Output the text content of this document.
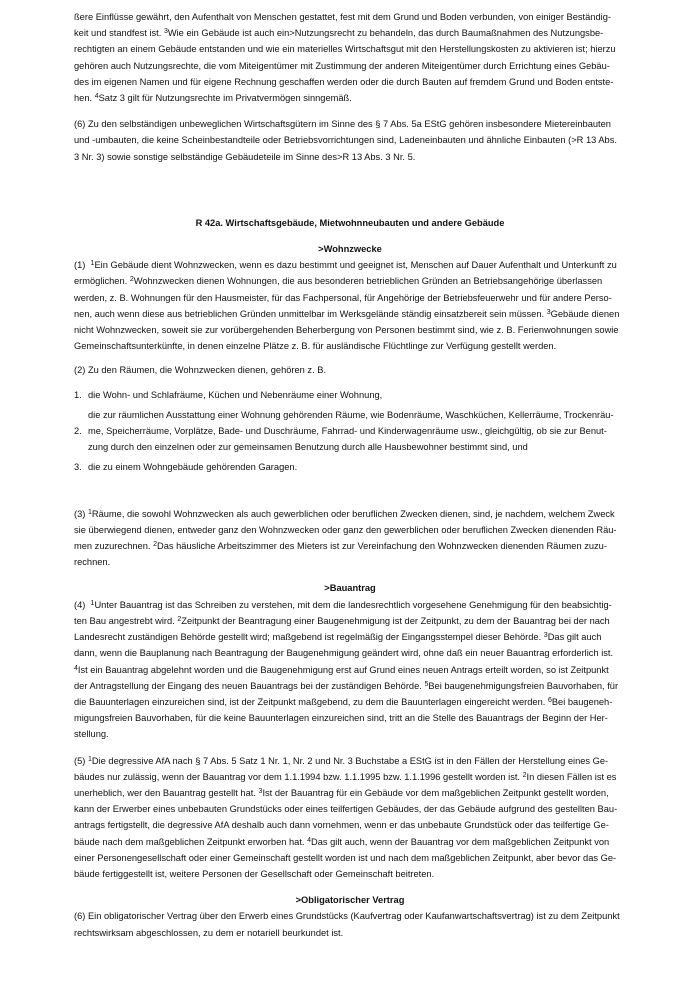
ßere Einflüsse gewährt, den Aufenthalt von Menschen gestattet, fest mit dem Grund und Boden verbunden, von einiger Beständig-
keit und standfest ist. $^3$Wie ein Gebäude ist auch ein>Nutzungsrecht zu behandeln, das durch Baumaßnahmen des Nutzungsbe-
rechtigten an einem Gebäude entstanden und wie ein materielles Wirtschaftsgut mit den Herstellungskosten zu aktivieren ist; hierzu
gehören auch Nutzungsrechte, die vom Miteigentümer mit Zustimmung der anderen Miteigentümer durch Errichtung eines Gebäu-
des im eigenen Namen und für eigene Rechnung geschaffen werden oder die durch Bauten auf fremdem Grund und Boden entste-
hen. $^4$Satz 3 gilt für Nutzungsrechte im Privatvermögen sinngemäß.
(6) Zu den selbständigen unbeweglichen Wirtschaftsgütern im Sinne des § 7 Abs. 5a EStG gehören insbesondere Mietereinbauten
und -umbauten, die keine Scheinbestandteile oder Betriebsvorrichtungen sind, Ladeneinbauten und ähnliche Einbauten (>R 13 Abs.
3 Nr. 3) sowie sonstige selbständige Gebäudeteile im Sinne des>R 13 Abs. 3 Nr. 5.

R 42a. Wirtschaftsgebäude, Mietwohnneubauten und andere Gebäude

>Wohnzwecke

(1) $^1$Ein Gebäude dient Wohnzwecken, wenn es dazu bestimmt und geeignet ist, Menschen auf Dauer Aufenthalt und Unterkunft zu
ermöglichen. $^2$Wohnzwecken dienen Wohnungen, die aus besonderen betrieblichen Gründen an Betriebsangehörige überlassen
werden, z. B. Wohnungen für den Hausmeister, für das Fachpersonal, für Angehörige der Betriebsfeuerwehr und für andere Perso-
nen, auch wenn diese aus betrieblichen Gründen unmittelbar im Werksgelände ständig einsatzbereit sein müssen. $^3$Gebäude dienen
nicht Wohnzwecken, soweit sie zur vorübergehenden Beherbergung von Personen bestimmt sind, wie z. B. Ferienwohnungen sowie
Gemeinschaftsunterkünfte, in denen einzelne Plätze z. B. für ausländische Flüchtlinge zur Verfügung gestellt werden.

(2) Zu den Räumen, die Wohnzwecken dienen, gehören z. B.

1. die Wohn- und Schlafräume, Küchen und Nebenräume einer Wohnung,
2.
die zur räumlichen Ausstattung einer Wohnung gehörenden Räume, wie Bodenräume, Waschküchen, Kellerräume, Trockenräu-
me, Speicherräume, Vorplätze, Bade- und Duschräume, Fahrrad- und Kinderwagenräume usw., gleichgültig, ob sie zur Benut-
zung durch den einzelnen oder zur gemeinsamen Benutzung durch alle Hausbewohner bestimmt sind, und
3. die zu einem Wohngebäude gehörenden Garagen.
(3) $^1$Räume, die sowohl Wohnzwecken als auch gewerblichen oder beruflichen Zwecken dienen, sind, je nachdem, welchem Zweck
sie überwiegend dienen, entweder ganz den Wohnzwecken oder ganz den gewerblichen oder beruflichen Zwecken dienenden Räu-
men zuzurechnen. $^2$Das häusliche Arbeitszimmer des Mieters ist zur Vereinfachung den Wohnzwecken dienenden Räumen zuzu-
rechnen.

>Bauantrag

(4) $^1$Unter Bauantrag ist das Schreiben zu verstehen, mit dem die landesrechtlich vorgesehene Genehmigung für den beabsichtig-
ten Bau angestrebt wird. $^2$Zeitpunkt der Beantragung einer Baugenehmigung ist der Zeitpunkt, zu dem der Bauantrag bei der nach
Landesrecht zuständigen Behörde gestellt wird; maßgebend ist regelmäßig der Eingangsstempel dieser Behörde. $^3$Das gilt auch
dann, wenn die Bauplanung nach Beantragung der Baugenehmigung geändert wird, ohne daß ein neuer Bauantrag erforderlich ist.
$^4$Ist ein Bauantrag abgelehnt worden und die Baugenehmigung erst auf Grund eines neuen Antrags erteilt worden, so ist Zeitpunkt
der Antragstellung der Eingang des neuen Bauantrags bei der zuständigen Behörde. $^5$Bei baugenehmigungsfreien Bauvorhaben, für
die Bauunterlagen einzureichen sind, ist der Zeitpunkt maßgebend, zu dem die Bauunterlagen eingereicht werden. $^6$Bei baugeneh-
migungsfreien Bauvorhaben, für die keine Bauunterlagen einzureichen sind, tritt an die Stelle des Bauantrags der Beginn der Her-
stellung.
(5) $^1$Die degressive AfA nach § 7 Abs. 5 Satz 1 Nr. 1, Nr. 2 und Nr. 3 Buchstabe a EStG ist in den Fällen der Herstellung eines Ge-
bäudes nur zulässig, wenn der Bauantrag vor dem 1.1.1994 bzw. 1.1.1995 bzw. 1.1.1996 gestellt worden ist. $^2$In diesen Fällen ist es
unerheblich, wer den Bauantrag gestellt hat. $^3$Ist der Bauantrag für ein Gebäude vor dem maßgeblichen Zeitpunkt gestellt worden,
kann der Erwerber eines unbebauten Grundstücks oder eines teilfertigen Gebäudes, der das Gebäude aufgrund des gestellten Bau-
antrags fertigstellt, die degressive AfA deshalb auch dann vornehmen, wenn er das unbebaute Grundstück oder das teilfertige Ge-
bäude nach dem maßgeblichen Zeitpunkt erworben hat. $^4$Das gilt auch, wenn der Bauantrag vor dem maßgeblichen Zeitpunkt von
einer Personengesellschaft oder einer Gemeinschaft gestellt worden ist und nach dem maßgeblichen Zeitpunkt, aber bevor das Ge-
bäude fertiggestellt ist, weitere Personen der Gesellschaft oder Gemeinschaft beitreten.

>Obligatorischer Vertrag

(6) Ein obligatorischer Vertrag über den Erwerb eines Grundstücks (Kaufvertrag oder Kaufanwartschaftsvertrag) ist zu dem Zeitpunkt
rechtswirksam abgeschlossen, zu dem er notariell beurkundet ist.
